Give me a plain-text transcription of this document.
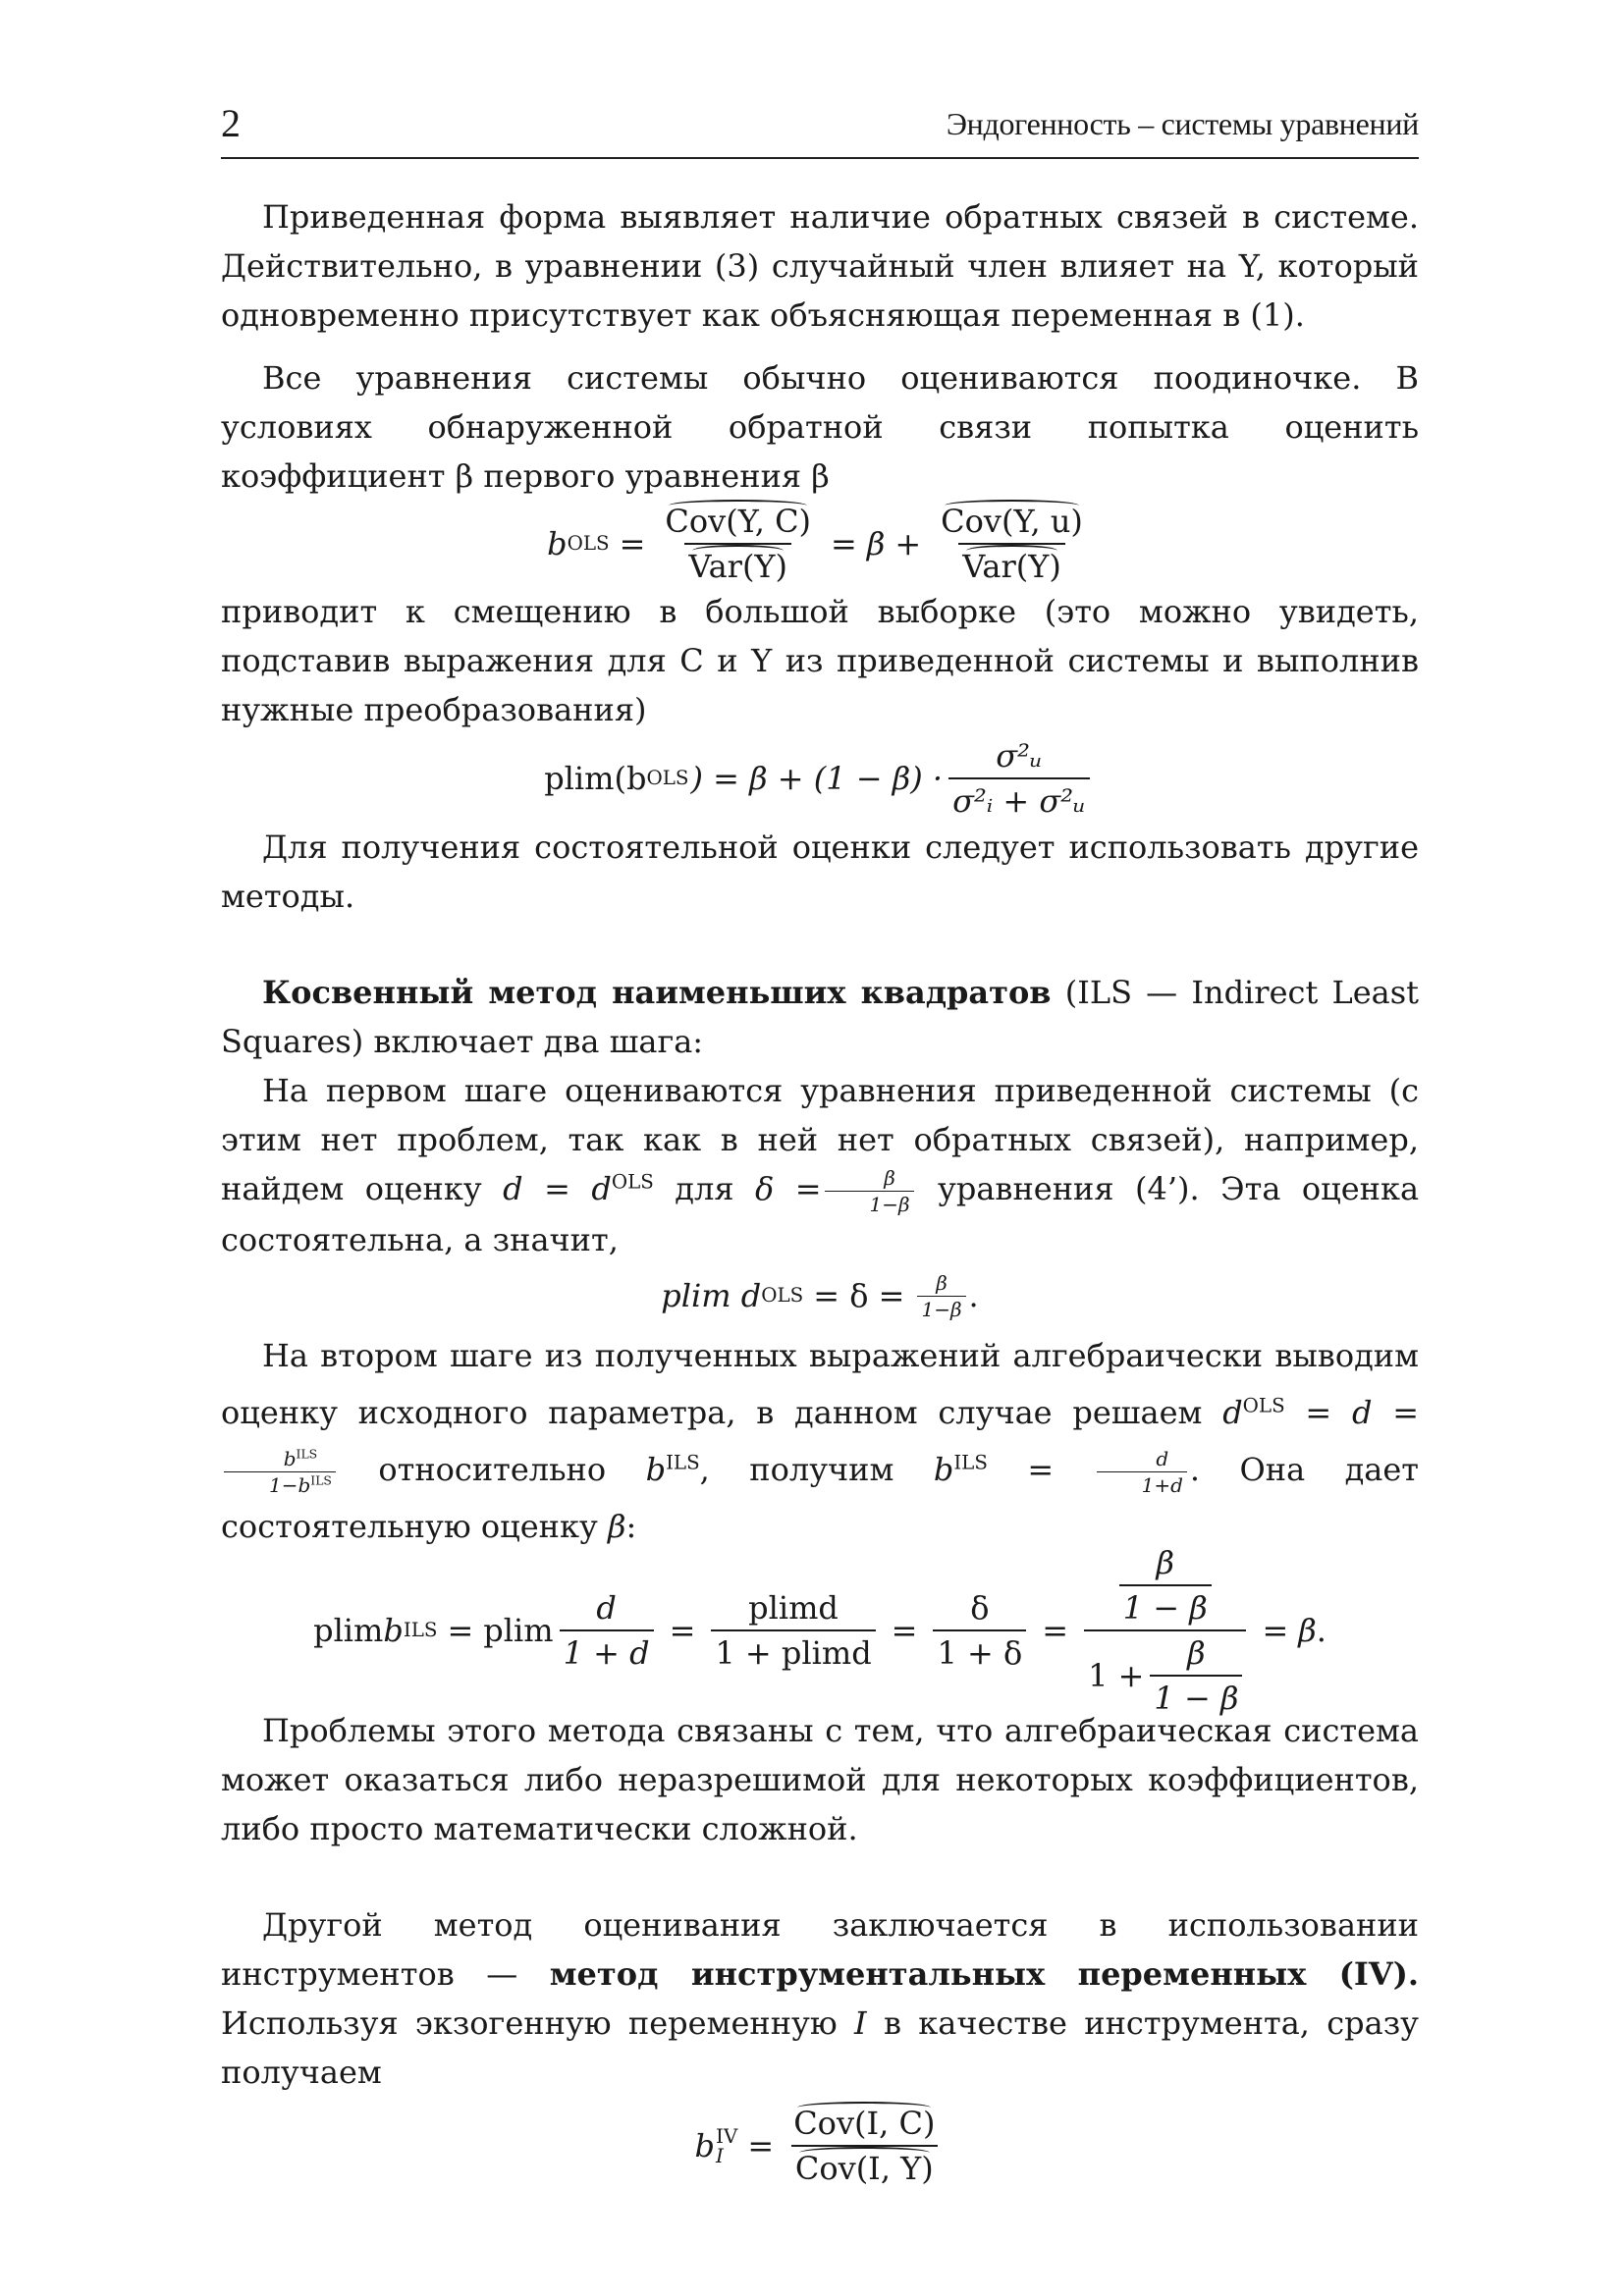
2	Эндогенность – системы уравнений

Приведенная форма выявляет наличие обратных связей в системе. Действительно, в уравнении (3) случайный член влияет на Y, который одновременно присутствует как объясняющая переменная в (1).

Все уравнения системы обычно оцениваются поодиночке. В условиях обнаруженной обратной связи попытка оценить коэффициент β первого уравнения β

b OLS = $\frac{\text{Cov(Y, C)}}{\text{Var(Y)}} = \beta + \frac{\text{Cov(Y, u)}}{\text{Var(Y)}}$

приводит к смещению в большой выборке (это можно увидеть, подставив выражения для C и Y из приведенной системы и выполнив нужные преобразования)

plim(b OLS ) = $\beta + (1 - \beta) \cdot \frac{\text{σ²ᵤ}}{\text{σ²ᵢ + σ²ᵤ}}$

Для получения состоятельной оценки следует использовать другие методы.

Косвенный метод наименьших квадратов (ILS — Indirect Least Squares) включает два шага:

На первом шаге оцениваются уравнения приведенной системы (с этим нет проблем, так как в ней нет обратных связей), например, найдем оценку $d = d^{OLS}$ для $\delta = \frac{\beta}{1-\beta}$ уравнения (4’). Эта оценка состоятельна, а значит,

plim d OLS = $\delta = \frac{\beta}{1-\beta}$ .

На втором шаге из полученных выражений алгебраически выводим оценку исходного параметра, в данном случае решаем $d^{OLS} = d$ =
$\frac{b^{ILS}}{1-b^{ILS}}$ относительно $b^{ILS}$, получим $b^{ILS} = \frac{d}{1+d}$ . Она дает состоятельную оценку β:

plim b ILS = plim $\frac{d}{1 + d} = \frac{plimd}{1 + plimd} = \frac{\delta}{1 + \delta} = \frac{\frac{\beta}{1 - \beta}}{1 + \frac{\beta}{1 - \beta}} = \beta$ .

Проблемы этого метода связаны с тем, что алгебраическая система может оказаться либо неразрешимой для некоторых коэффициентов, либо просто математически сложной.

Другой метод оценивания заключается в использовании инструментов — метод инструментальных переменных (IV). Используя экзогенную переменную I в качестве инструмента, сразу получаем

b IV
$I = \frac{\text{Cov(I, C)}}{\text{Cov(I, Y)}}$
